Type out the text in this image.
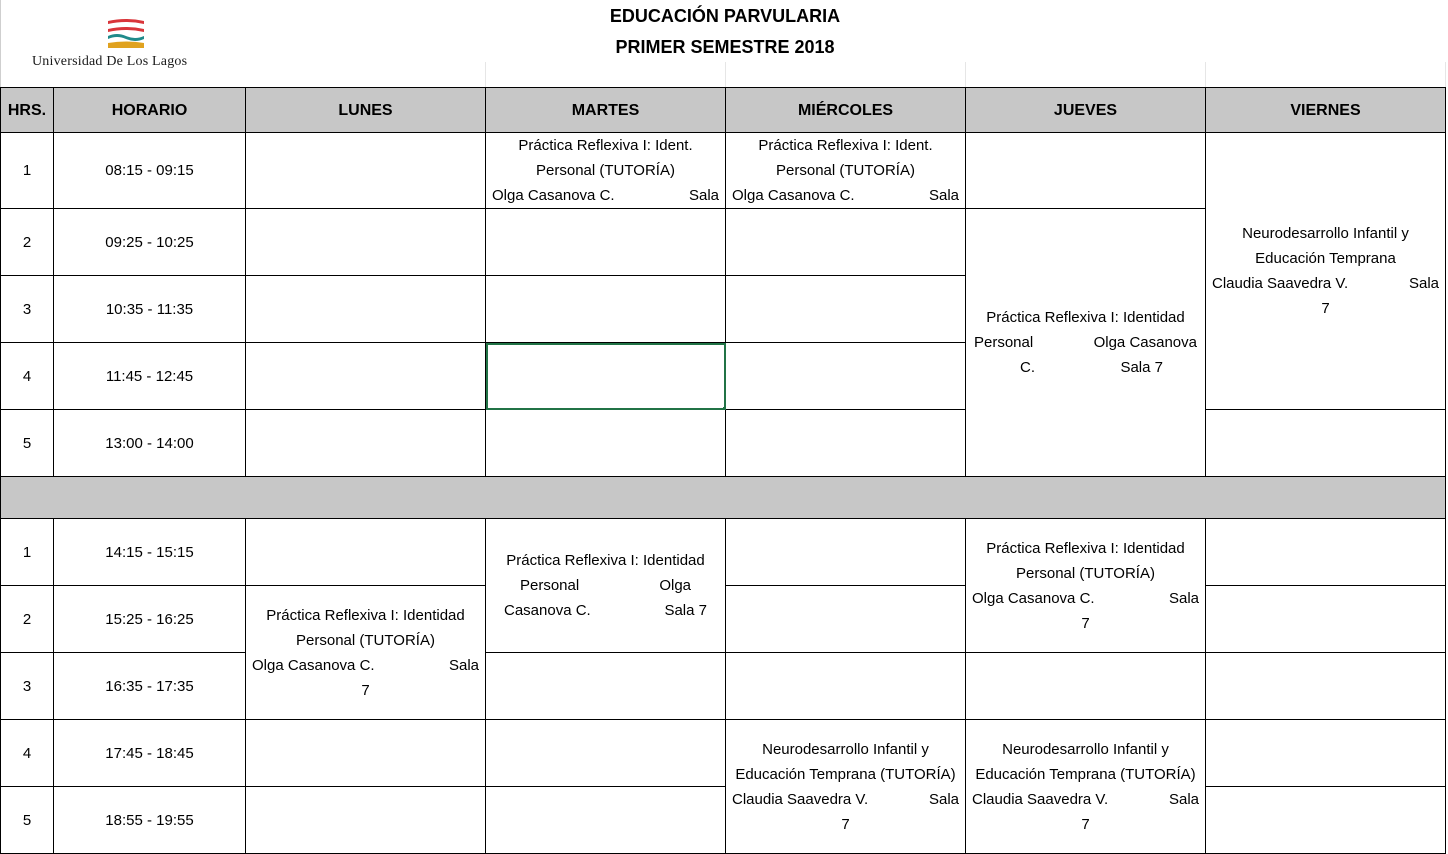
Universidad De Los Lagos
EDUCACIÓN PARVULARIA
PRIMER SEMESTRE 2018
HRS.	HORARIO	LUNES	MARTES	MIÉRCOLES	JUEVES	VIERNES
1	08:15 - 09:15		Práctica Reflexiva I: Ident.
Personal (TUTORÍA)
Olga Casanova C. Sala	Práctica Reflexiva I: Ident.
Personal (TUTORÍA)
Olga Casanova C. Sala		Neurodesarrollo Infantil y
Educación Temprana
Claudia Saavedra V. Sala
7

2	09:25 - 10:25				Práctica Reflexiva I: Identidad
Personal Olga Casanova
C. Sala 7	

3	10:35 - 11:35					
4	11:45 - 12:45					
5	13:00 - 14:00					

1	14:15 - 15:15		Práctica Reflexiva I: Identidad
Personal Olga
Casanova C. Sala 7		Práctica Reflexiva I: Identidad
Personal (TUTORÍA)
Olga Casanova C. Sala
7	

2	15:25 - 16:25	Práctica Reflexiva I: Identidad
Personal (TUTORÍA)
Olga Casanova C. Sala
7				

3	16:35 - 17:35					
4	17:45 - 18:45			Neurodesarrollo Infantil y
Educación Temprana (TUTORÍA)
Claudia Saavedra V. Sala
7	Neurodesarrollo Infantil y
Educación Temprana (TUTORÍA)
Claudia Saavedra V. Sala
7	

5	18:55 - 19:55					
